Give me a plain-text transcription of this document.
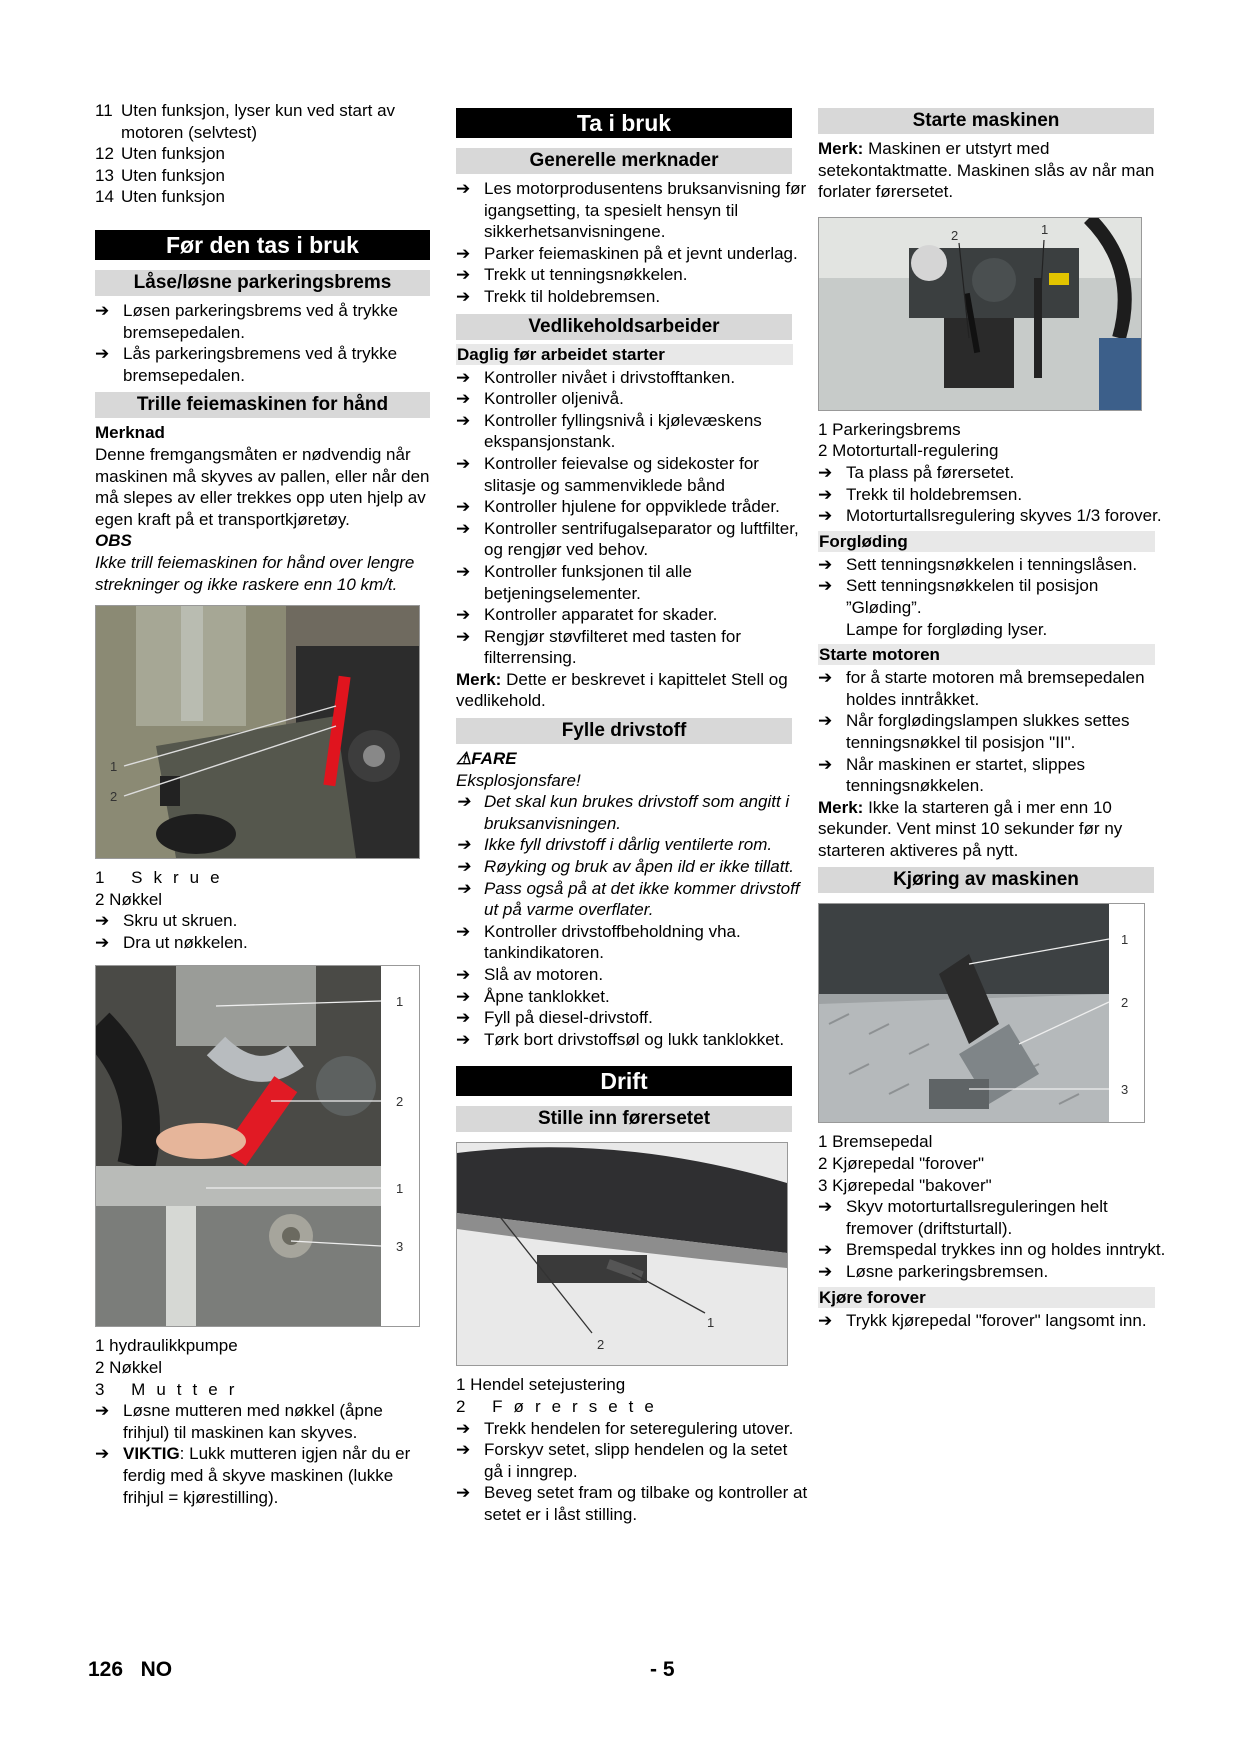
11 Uten funksjon, lyser kun ved start av motoren (selvtest)
12 Uten funksjon
13 Uten funksjon
14 Uten funksjon
Før den tas i bruk
Låse/løsne parkeringsbrems
➔ Løsen parkeringsbrems ved å trykke bremsepedalen.
➔ Lås parkeringsbremens ved å trykke bremsepedalen.
Trille feiemaskinen for hånd
Merknad
Denne fremgangsmåten er nødvendig når maskinen må skyves av pallen, eller når den må slepes av eller trekkes opp uten hjelp av egen kraft på et transportkjøretøy.
OBS
Ikke trill feiemaskinen for hånd over lengre strekninger og ikke raskere enn 10 km/t.
1
2
1 Skrue
2 Nøkkel
➔ Skru ut skruen.
➔ Dra ut nøkkelen.
1
2
1
3
1 hydraulikkpumpe
2 Nøkkel
3 Mutter
➔ Løsne mutteren med nøkkel (åpne frihjul) til maskinen kan skyves.
➔ VIKTIG: Lukk mutteren igjen når du er ferdig med å skyve maskinen (lukke frihjul = kjørestilling).
Ta i bruk
Generelle merknader
➔ Les motorprodusentens bruksanvisning før igangsetting, ta spesielt hensyn til sikkerhetsanvisningene.
➔ Parker feiemaskinen på et jevnt underlag.
➔ Trekk ut tenningsnøkkelen.
➔ Trekk til holdebremsen.
Vedlikeholdsarbeider
Daglig før arbeidet starter
➔ Kontroller nivået i drivstofftanken.
➔ Kontroller oljenivå.
➔ Kontroller fyllingsnivå i kjølevæskens ekspansjonstank.
➔ Kontroller feievalse og sidekoster for slitasje og sammenviklede bånd
➔ Kontroller hjulene for oppviklede tråder.
➔ Kontroller sentrifugalseparator og luftfilter, og rengjør ved behov.
➔ Kontroller funksjonen til alle betjeningselementer.
➔ Kontroller apparatet for skader.
➔ Rengjør støvfilteret med tasten for filterrensing.
Merk: Dette er beskrevet i kapittelet Stell og vedlikehold.
Fylle drivstoff
⚠FARE
Eksplosjonsfare!
➔ Det skal kun brukes drivstoff som angitt i bruksanvisningen.
➔ Ikke fyll drivstoff i dårlig ventilerte rom.
➔ Røyking og bruk av åpen ild er ikke tillatt.
➔ Pass også på at det ikke kommer drivstoff ut på varme overflater.
➔ Kontroller drivstoffbeholdning vha. tankindikatoren.
➔ Slå av motoren.
➔ Åpne tanklokket.
➔ Fyll på diesel-drivstoff.
➔ Tørk bort drivstoffsøl og lukk tanklokket.
Drift
Stille inn førersetet
2
1
1 Hendel setejustering
2 Førersete
➔ Trekk hendelen for seteregulering utover.
➔ Forskyv setet, slipp hendelen og la setet gå i inngrep.
➔ Beveg setet fram og tilbake og kontroller at setet er i låst stilling.
Starte maskinen
Merk: Maskinen er utstyrt med setekontaktmatte. Maskinen slås av når man forlater førersetet.
2	1
1 Parkeringsbrems
2 Motorturtall-regulering
➔ Ta plass på førersetet.
➔ Trekk til holdebremsen.
➔ Motorturtallsregulering skyves 1/3 forover.
Forgløding
➔ Sett tenningsnøkkelen i tenningslåsen.
➔ Sett tenningsnøkkelen til posisjon ”Gløding”.
Lampe for forgløding lyser.
Starte motoren
➔ for å starte motoren må bremsepedalen holdes inntråkket.
➔ Når forglødingslampen slukkes settes tenningsnøkkel til posisjon "II".
➔ Når maskinen er startet, slippes tenningsnøkkelen.
Merk: Ikke la starteren gå i mer enn 10 sekunder. Vent minst 10 sekunder før ny starteren aktiveres på nytt.
Kjøring av maskinen
1
2
3
1 Bremsepedal
2 Kjørepedal "forover"
3 Kjørepedal "bakover"
➔ Skyv motorturtallsreguleringen helt fremover (driftsturtall).
➔ Bremspedal trykkes inn og holdes inntrykt.
➔ Løsne parkeringsbremsen.
Kjøre forover
➔ Trykk kjørepedal "forover" langsomt inn.
126 NO	- 5
